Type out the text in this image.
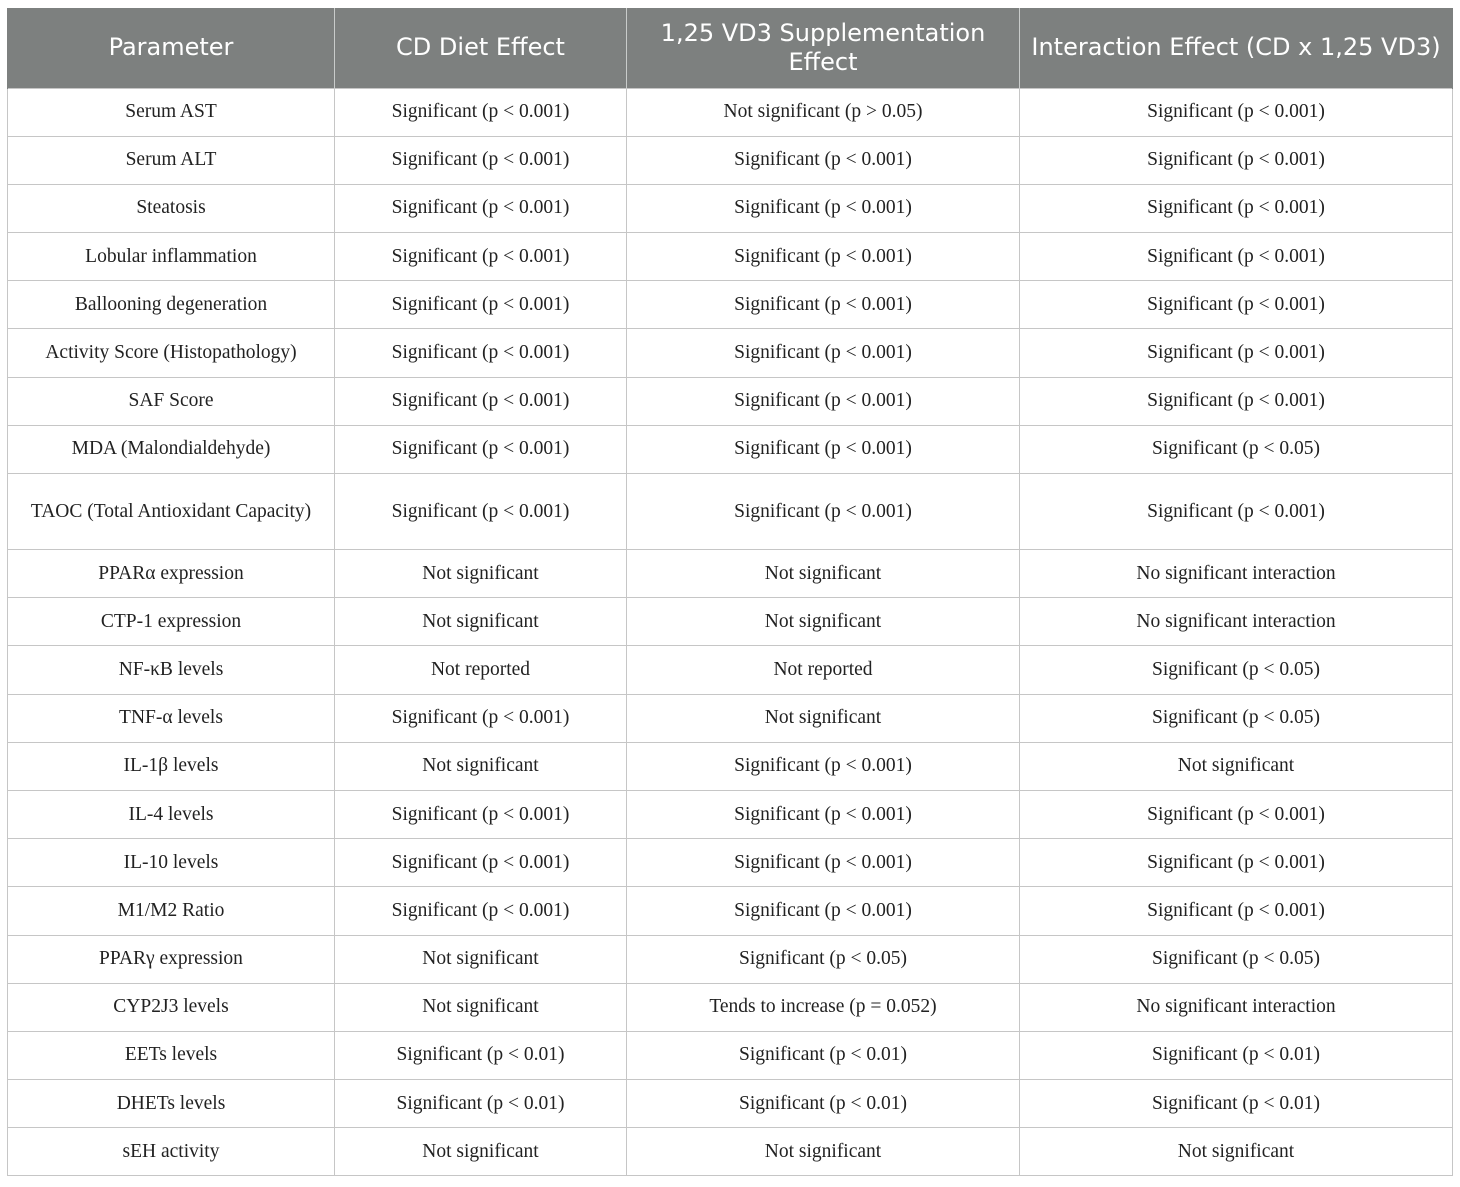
Parameter	CD Diet Effect	1,25 VD3 Supplementation Effect	Interaction Effect (CD x 1,25 VD3)
Serum AST	Significant (p < 0.001)	Not significant (p > 0.05)	Significant (p < 0.001)
Serum ALT	Significant (p < 0.001)	Significant (p < 0.001)	Significant (p < 0.001)
Steatosis	Significant (p < 0.001)	Significant (p < 0.001)	Significant (p < 0.001)
Lobular inflammation	Significant (p < 0.001)	Significant (p < 0.001)	Significant (p < 0.001)
Ballooning degeneration	Significant (p < 0.001)	Significant (p < 0.001)	Significant (p < 0.001)
Activity Score (Histopathology)	Significant (p < 0.001)	Significant (p < 0.001)	Significant (p < 0.001)
SAF Score	Significant (p < 0.001)	Significant (p < 0.001)	Significant (p < 0.001)
MDA (Malondialdehyde)	Significant (p < 0.001)	Significant (p < 0.001)	Significant (p < 0.05)
TAOC (Total Antioxidant Capacity)	Significant (p < 0.001)	Significant (p < 0.001)	Significant (p < 0.001)
PPARα expression	Not significant	Not significant	No significant interaction
CTP-1 expression	Not significant	Not significant	No significant interaction
NF-κB levels	Not reported	Not reported	Significant (p < 0.05)
TNF-α levels	Significant (p < 0.001)	Not significant	Significant (p < 0.05)
IL-1β levels	Not significant	Significant (p < 0.001)	Not significant
IL-4 levels	Significant (p < 0.001)	Significant (p < 0.001)	Significant (p < 0.001)
IL-10 levels	Significant (p < 0.001)	Significant (p < 0.001)	Significant (p < 0.001)
M1/M2 Ratio	Significant (p < 0.001)	Significant (p < 0.001)	Significant (p < 0.001)
PPARγ expression	Not significant	Significant (p < 0.05)	Significant (p < 0.05)
CYP2J3 levels	Not significant	Tends to increase (p = 0.052)	No significant interaction
EETs levels	Significant (p < 0.01)	Significant (p < 0.01)	Significant (p < 0.01)
DHETs levels	Significant (p < 0.01)	Significant (p < 0.01)	Significant (p < 0.01)
sEH activity	Not significant	Not significant	Not significant
